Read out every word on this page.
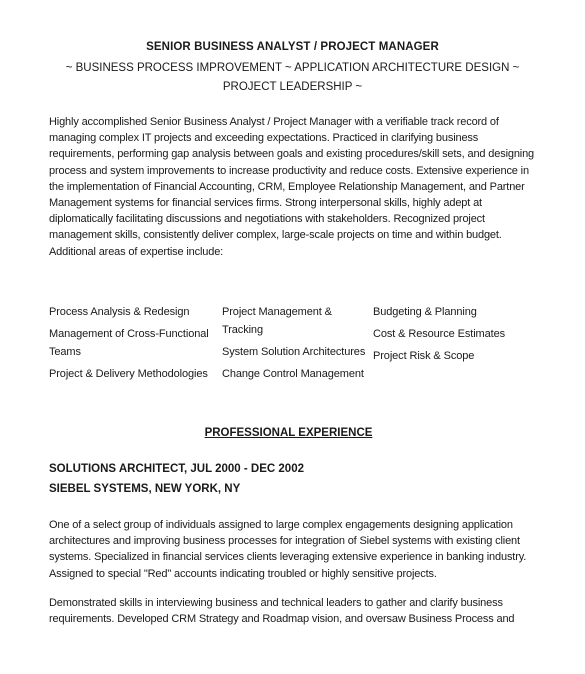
SENIOR BUSINESS ANALYST / PROJECT MANAGER
~ BUSINESS PROCESS IMPROVEMENT ~ APPLICATION ARCHITECTURE DESIGN ~ PROJECT LEADERSHIP ~

Highly accomplished Senior Business Analyst / Project Manager with a verifiable track record of managing complex IT projects and exceeding expectations. Practiced in clarifying business requirements, performing gap analysis between goals and existing procedures/skill sets, and designing process and system improvements to increase productivity and reduce costs. Extensive experience in the implementation of Financial Accounting, CRM, Employee Relationship Management, and Partner Management systems for financial services firms. Strong interpersonal skills, highly adept at diplomatically facilitating discussions and negotiations with stakeholders. Recognized project management skills, consistently deliver complex, large-scale projects on time and within budget. Additional areas of expertise include:

Process Analysis & Redesign
Management of Cross-Functional Teams
Project & Delivery Methodologies
Project Management & Tracking
System Solution Architectures
Change Control Management
Budgeting & Planning
Cost & Resource Estimates
Project Risk & Scope
PROFESSIONAL EXPERIENCE
SOLUTIONS ARCHITECT, JUL 2000 - DEC 2002
SIEBEL SYSTEMS, NEW YORK, NY

One of a select group of individuals assigned to large complex engagements designing application architectures and improving business processes for integration of Siebel systems with existing client systems. Specialized in financial services clients leveraging extensive experience in banking industry. Assigned to special "Red" accounts indicating troubled or highly sensitive projects.

Demonstrated skills in interviewing business and technical leaders to gather and clarify business requirements. Developed CRM Strategy and Roadmap vision, and oversaw Business Process and
